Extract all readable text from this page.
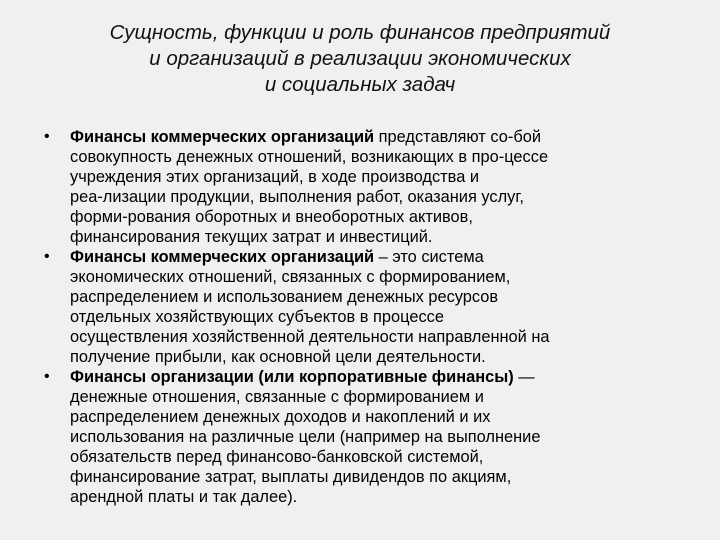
Сущность, функции и роль финансов предприятий
и организаций в реализации экономических
и социальных задач
• Финансы коммерческих организаций представляют со-бой
совокупность денежных отношений, возникающих в про-цессе
учреждения этих организаций, в ходе производства и
реа-лизации продукции, выполнения работ, оказания услуг,
форми-рования оборотных и внеоборотных активов,
финансирования текущих затрат и инвестиций.
• Финансы коммерческих организаций – это система
экономических отношений, связанных с формированием,
распределением и использованием денежных ресурсов
отдельных хозяйствующих субъектов в процессе
осуществления хозяйственной деятельности направленной на
получение прибыли, как основной цели деятельности.
• Финансы организации (или корпоративные финансы) —
денежные отношения, связанные с формированием и
распределением денежных доходов и накоплений и их
использования на различные цели (например на выполнение
обязательств перед финансово-банковской системой,
финансирование затрат, выплаты дивидендов по акциям,
арендной платы и так далее).
